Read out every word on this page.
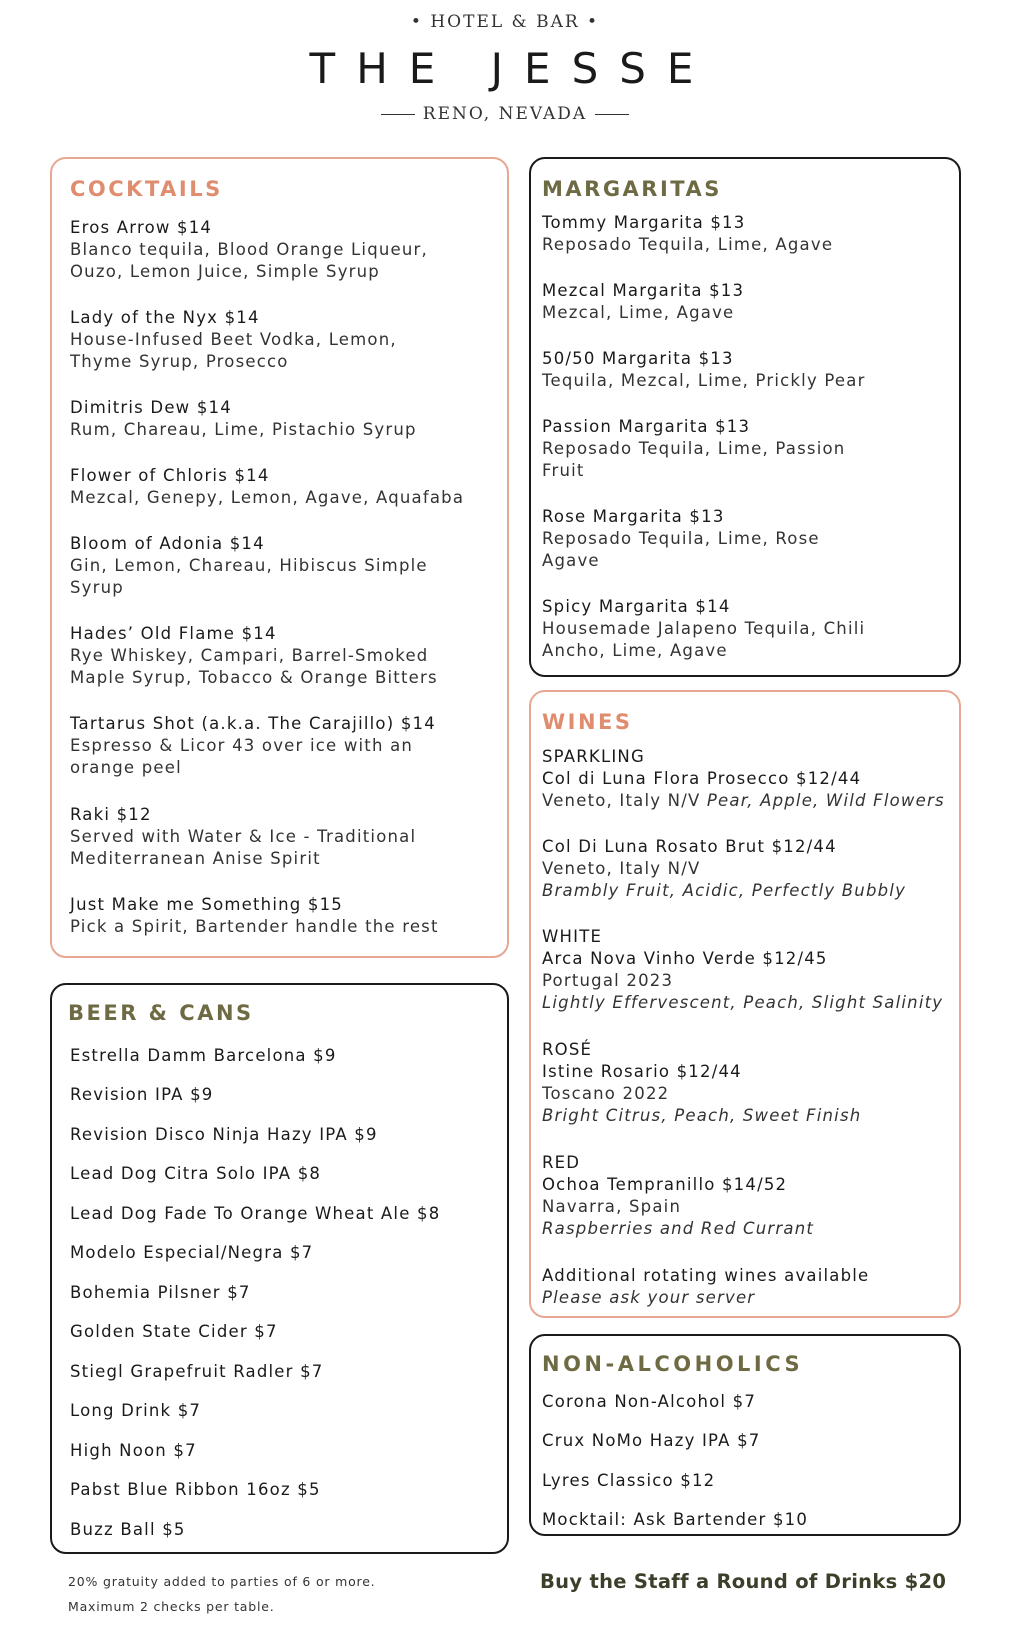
• HOTEL & BAR •
THE JESSE
RENO, NEVADA
COCKTAILS
Eros Arrow $14
Blanco tequila, Blood Orange Liqueur,
Ouzo, Lemon Juice, Simple Syrup
Lady of the Nyx $14
House-Infused Beet Vodka, Lemon,
Thyme Syrup, Prosecco
Dimitris Dew $14
Rum, Chareau, Lime, Pistachio Syrup
Flower of Chloris $14
Mezcal, Genepy, Lemon, Agave, Aquafaba
Bloom of Adonia $14
Gin, Lemon, Chareau, Hibiscus Simple
Syrup
Hades’ Old Flame $14
Rye Whiskey, Campari, Barrel-Smoked
Maple Syrup, Tobacco & Orange Bitters
Tartarus Shot (a.k.a. The Carajillo) $14
Espresso & Licor 43 over ice with an
orange peel
Raki $12
Served with Water & Ice - Traditional
Mediterranean Anise Spirit
Just Make me Something $15
Pick a Spirit, Bartender handle the rest
BEER & CANS
Estrella Damm Barcelona $9
Revision IPA $9
Revision Disco Ninja Hazy IPA $9
Lead Dog Citra Solo IPA $8
Lead Dog Fade To Orange Wheat Ale $8
Modelo Especial/Negra $7
Bohemia Pilsner $7
Golden State Cider $7
Stiegl Grapefruit Radler $7
Long Drink $7
High Noon $7
Pabst Blue Ribbon 16oz $5
Buzz Ball $5
MARGARITAS
Tommy Margarita $13
Reposado Tequila, Lime, Agave
Mezcal Margarita $13
Mezcal, Lime, Agave
50/50 Margarita $13
Tequila, Mezcal, Lime, Prickly Pear
Passion Margarita $13
Reposado Tequila, Lime, Passion
Fruit
Rose Margarita $13
Reposado Tequila, Lime, Rose
Agave
Spicy Margarita $14
Housemade Jalapeno Tequila, Chili
Ancho, Lime, Agave
WINES
SPARKLING
Col di Luna Flora Prosecco $12/44
Veneto, Italy N/V Pear, Apple, Wild Flowers
Col Di Luna Rosato Brut $12/44
Veneto, Italy N/V
Brambly Fruit, Acidic, Perfectly Bubbly
WHITE
Arca Nova Vinho Verde $12/45
Portugal 2023
Lightly Effervescent, Peach, Slight Salinity
ROSÉ
Istine Rosario $12/44
Toscano 2022
Bright Citrus, Peach, Sweet Finish
RED
Ochoa Tempranillo $14/52
Navarra, Spain
Raspberries and Red Currant
Additional rotating wines available
Please ask your server
NON-ALCOHOLICS
Corona Non-Alcohol $7
Crux NoMo Hazy IPA $7
Lyres Classico $12
Mocktail: Ask Bartender $10
20% gratuity added to parties of 6 or more.
Maximum 2 checks per table.
Buy the Staff a Round of Drinks $20
